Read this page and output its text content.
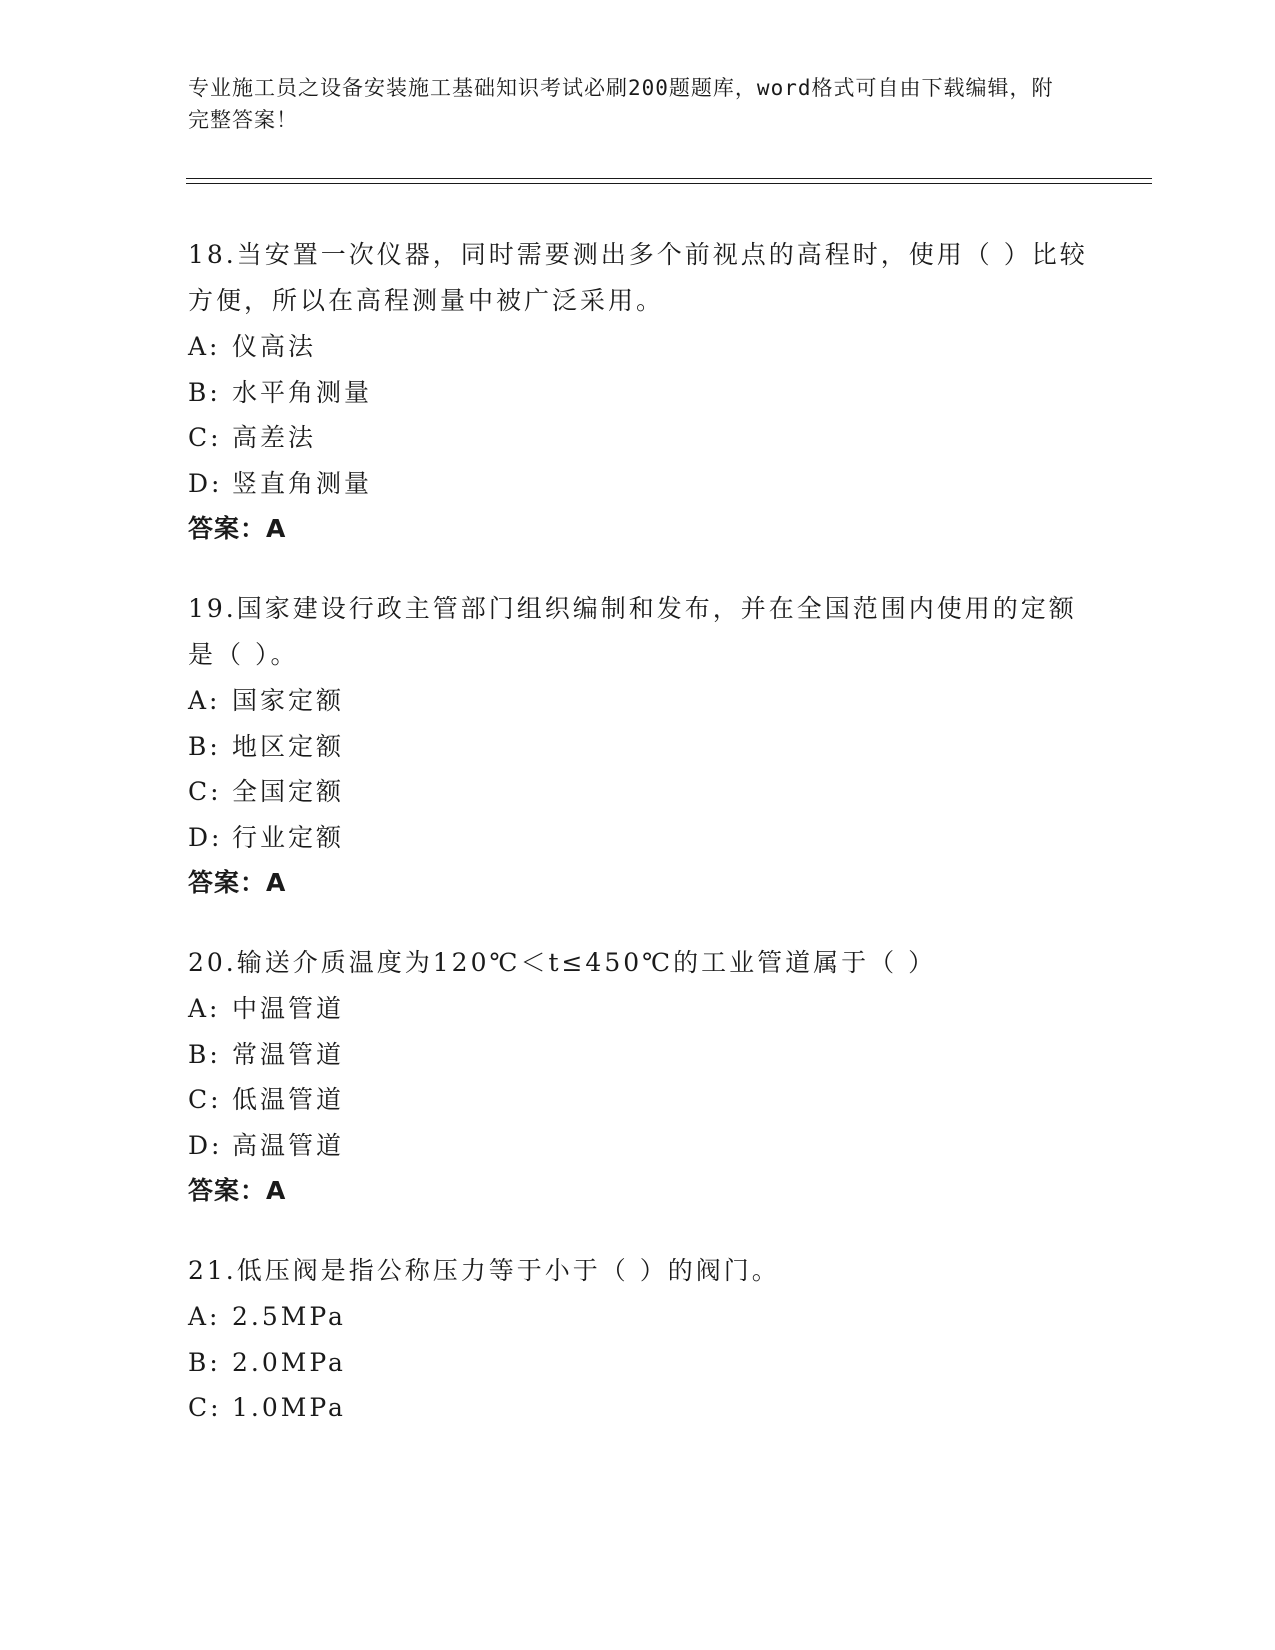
专业施工员之设备安装施工基础知识考试必刷200题题库，word格式可自由下载编辑，附完整答案！
18.当安置一次仪器，同时需要测出多个前视点的高程时，使用（ ）比较方便，所以在高程测量中被广泛采用。
A: 仪高法
B: 水平角测量
C: 高差法
D: 竖直角测量
答案：A
19.国家建设行政主管部门组织编制和发布，并在全国范围内使用的定额是（ ）。
A: 国家定额
B: 地区定额
C: 全国定额
D: 行业定额
答案：A
20.输送介质温度为120℃＜t≤450℃的工业管道属于（ ）
A: 中温管道
B: 常温管道
C: 低温管道
D: 高温管道
答案：A
21.低压阀是指公称压力等于小于（ ）的阀门。
A: 2.5MPa
B: 2.0MPa
C: 1.0MPa
